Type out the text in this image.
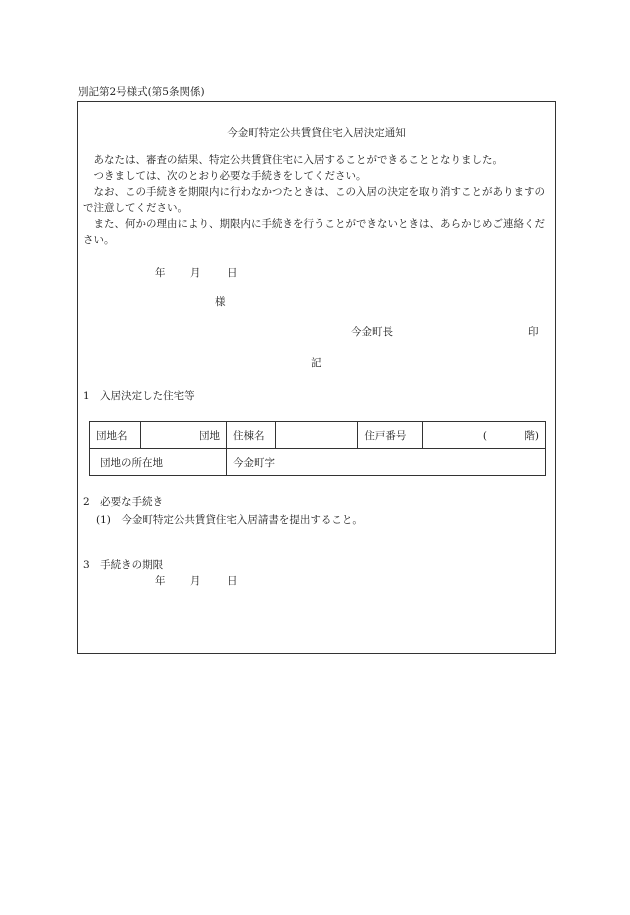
別記第2号様式(第5条関係)
今金町特定公共賃貸住宅入居決定通知
あなたは、審査の結果、特定公共賃貸住宅に入居することができることとなりました。
つきましては、次のとおり必要な手続きをしてください。
なお、この手続きを期限内に行わなかつたときは、この入居の決定を取り消すことがありますので注意してください。
また、何かの理由により、期限内に手続きを行うことができないときは、あらかじめご連絡ください。
年 月	日
様
今金町長	印
記
1　入居決定した住宅等
団地名	団地	住棟名		住戸番号	( 階)
団地の所在地		今金町字			
2　必要な手続き
(1)　今金町特定公共賃貸住宅入居請書を提出すること。
3　手続きの期限
年 月	日
